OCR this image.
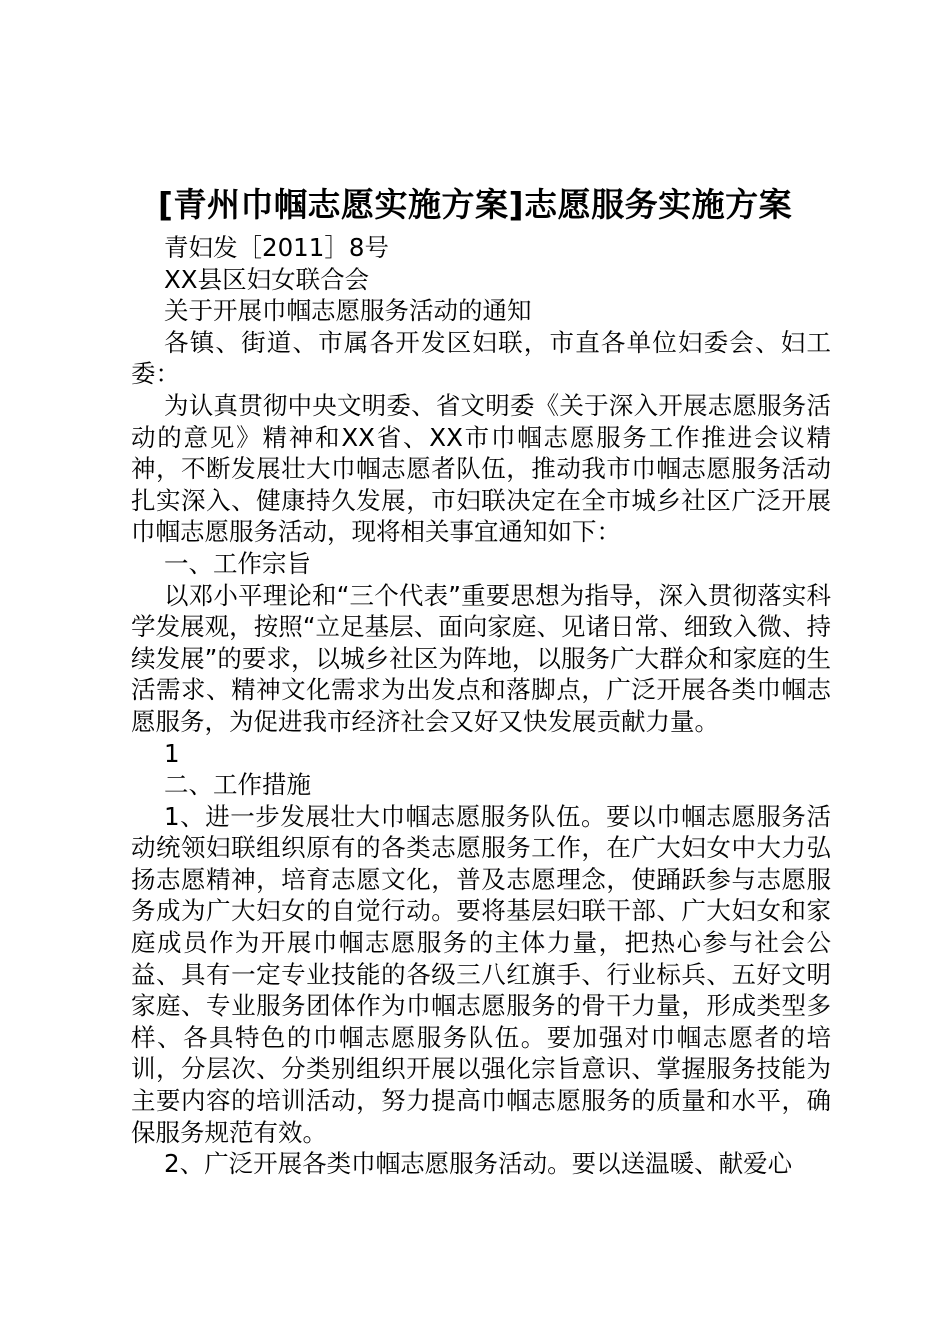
[青州巾帼志愿实施方案]志愿服务实施方案

青妇发［2011］8号

XX县区妇女联合会

关于开展巾帼志愿服务活动的通知

各镇、街道、市属各开发区妇联，市直各单位妇委会、妇工委：

为认真贯彻中央文明委、省文明委《关于深入开展志愿服务活动的意见》精神和XX省、XX市巾帼志愿服务工作推进会议精神，不断发展壮大巾帼志愿者队伍，推动我市巾帼志愿服务活动扎实深入、健康持久发展，市妇联决定在全市城乡社区广泛开展巾帼志愿服务活动，现将相关事宜通知如下：

一、工作宗旨

以邓小平理论和“三个代表”重要思想为指导，深入贯彻落实科学发展观，按照“立足基层、面向家庭、见诸日常、细致入微、持续发展”的要求，以城乡社区为阵地，以服务广大群众和家庭的生活需求、精神文化需求为出发点和落脚点，广泛开展各类巾帼志愿服务，为促进我市经济社会又好又快发展贡献力量。

1

二、工作措施

1、进一步发展壮大巾帼志愿服务队伍。要以巾帼志愿服务活动统领妇联组织原有的各类志愿服务工作，在广大妇女中大力弘扬志愿精神，培育志愿文化，普及志愿理念，使踊跃参与志愿服务成为广大妇女的自觉行动。要将基层妇联干部、广大妇女和家庭成员作为开展巾帼志愿服务的主体力量，把热心参与社会公益、具有一定专业技能的各级三八红旗手、行业标兵、五好文明家庭、专业服务团体作为巾帼志愿服务的骨干力量，形成类型多样、各具特色的巾帼志愿服务队伍。要加强对巾帼志愿者的培训，分层次、分类别组织开展以强化宗旨意识、掌握服务技能为主要内容的培训活动，努力提高巾帼志愿服务的质量和水平，确保服务规范有效。

2、广泛开展各类巾帼志愿服务活动。要以送温暖、献爱心
